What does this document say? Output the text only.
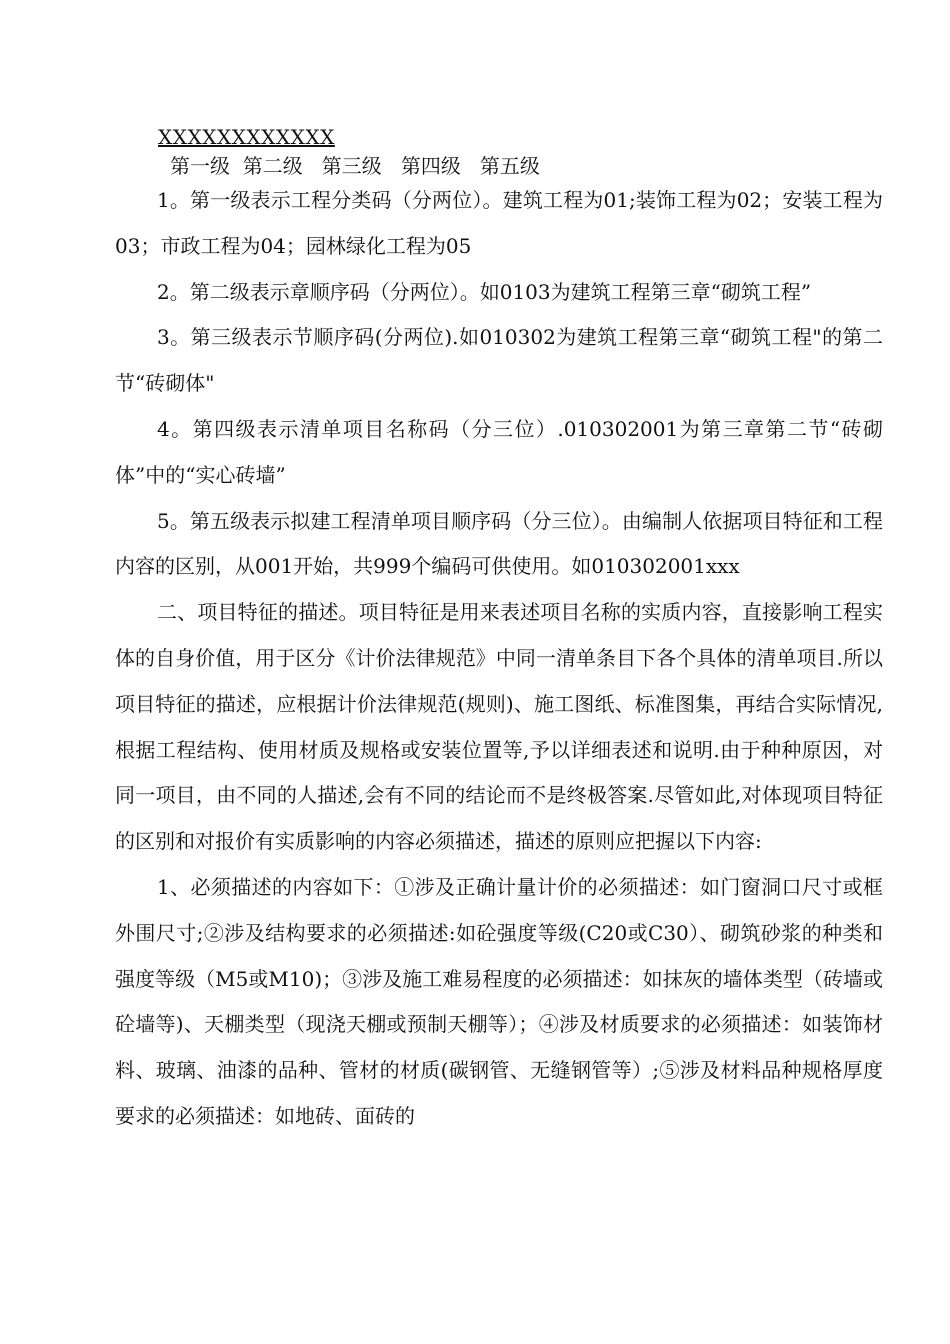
XXXXXXXXXXXX
第一级  第二级   第三级   第四级   第五级

1。第一级表示工程分类码（分两位）。建筑工程为01;装饰工程为02；安装工程为03；市政工程为04；园林绿化工程为05

2。第二级表示章顺序码（分两位）。如0103为建筑工程第三章“砌筑工程”

3。第三级表示节顺序码(分两位).如010302为建筑工程第三章“砌筑工程"的第二节“砖砌体"

4。第四级表示清单项目名称码（分三位）.010302001为第三章第二节“砖砌体”中的“实心砖墙”

5。第五级表示拟建工程清单项目顺序码（分三位）。由编制人依据项目特征和工程内容的区别，从001开始，共999个编码可供使用。如010302001xxx

二、项目特征的描述。项目特征是用来表述项目名称的实质内容，直接影响工程实体的自身价值，用于区分《计价法律规范》中同一清单条目下各个具体的清单项目.所以项目特征的描述，应根据计价法律规范(规则)、施工图纸、标准图集，再结合实际情况,根据工程结构、使用材质及规格或安装位置等,予以详细表述和说明.由于种种原因，对同一项目，由不同的人描述,会有不同的结论而不是终极答案.尽管如此,对体现项目特征的区别和对报价有实质影响的内容必须描述，描述的原则应把握以下内容:

1、必须描述的内容如下：①涉及正确计量计价的必须描述：如门窗洞口尺寸或框外围尺寸;②涉及结构要求的必须描述:如砼强度等级(C20或C30）、砌筑砂浆的种类和强度等级（M5或M10)；③涉及施工难易程度的必须描述：如抹灰的墙体类型（砖墙或砼墙等)、天棚类型（现浇天棚或预制天棚等）；④涉及材质要求的必须描述：如装饰材料、玻璃、油漆的品种、管材的材质(碳钢管、无缝钢管等）;⑤涉及材料品种规格厚度要求的必须描述：如地砖、面砖的
